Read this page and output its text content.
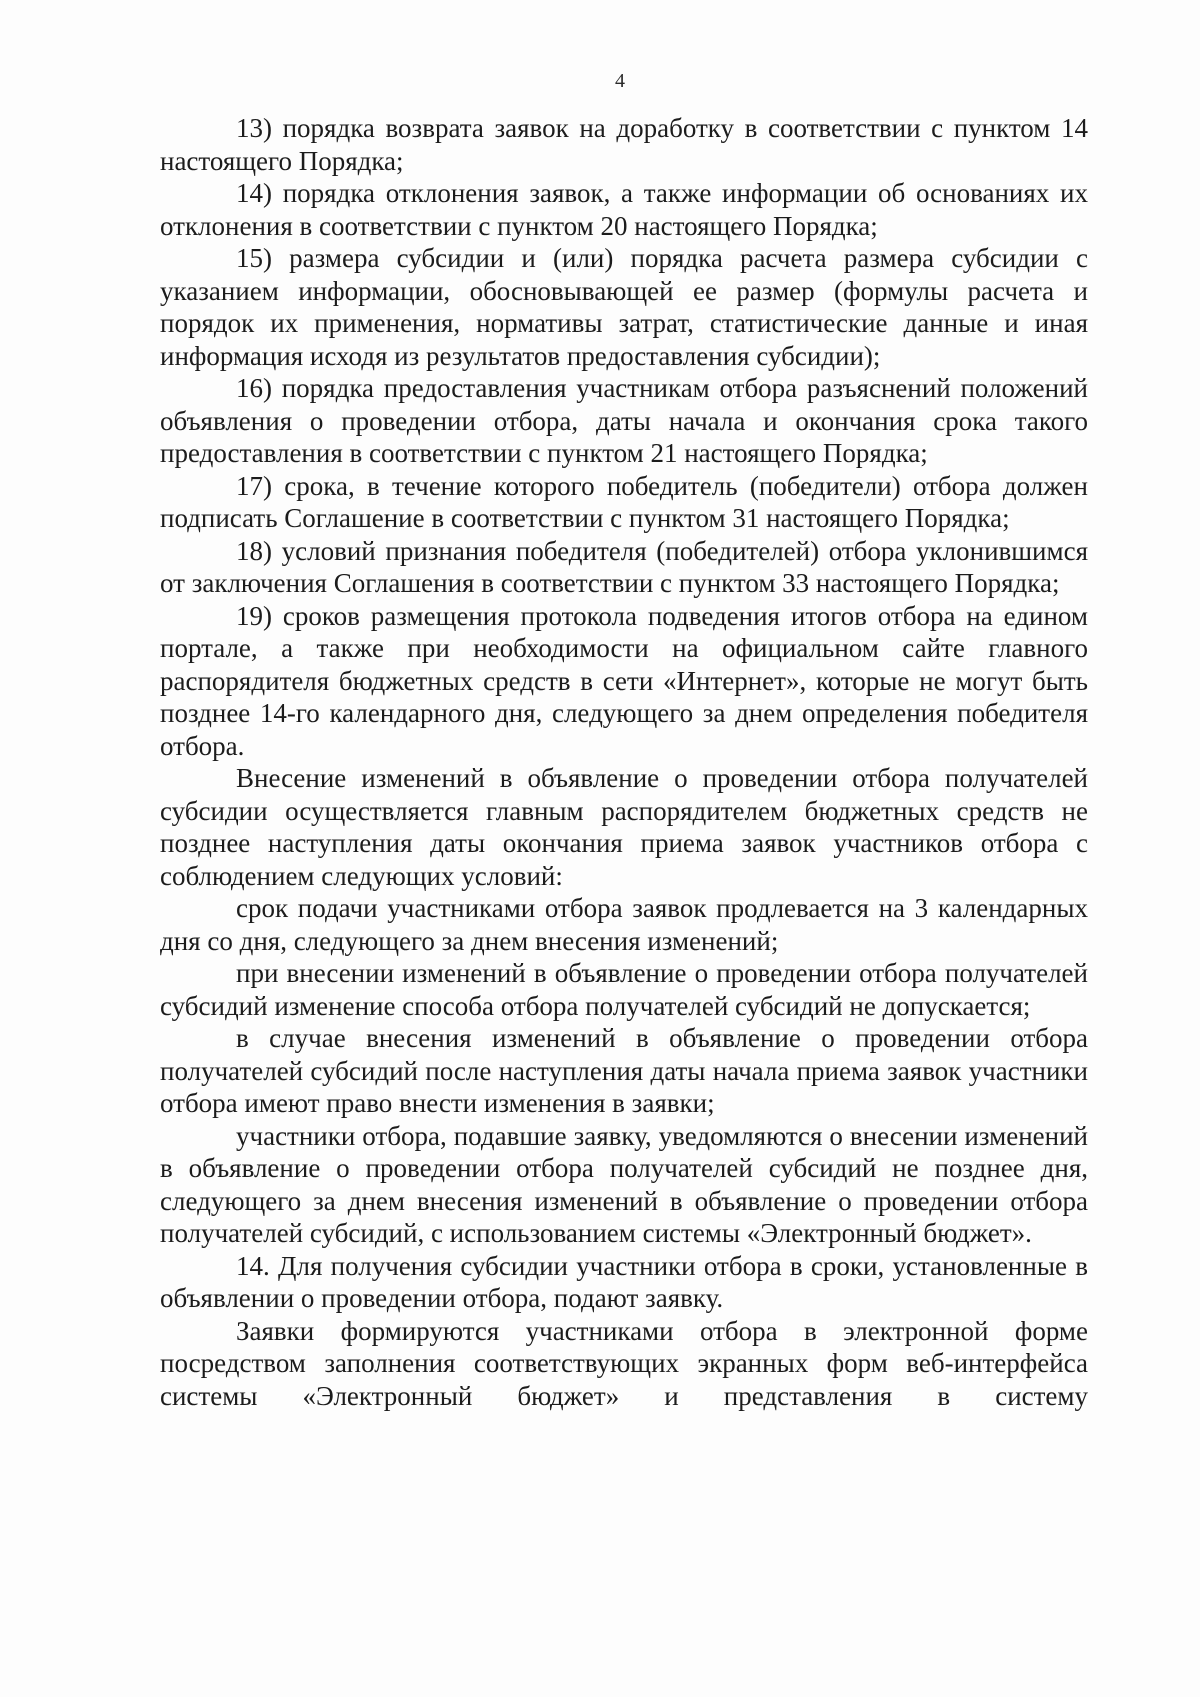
4

13) порядка возврата заявок на доработку в соответствии с пунктом 14 настоящего Порядка;

14) порядка отклонения заявок, а также информации об основаниях их отклонения в соответствии с пунктом 20 настоящего Порядка;

15) размера субсидии и (или) порядка расчета размера субсидии с указанием информации, обосновывающей ее размер (формулы расчета и порядок их применения, нормативы затрат, статистические данные и иная информация исходя из результатов предоставления субсидии);

16) порядка предоставления участникам отбора разъяснений положений объявления о проведении отбора, даты начала и окончания срока такого предоставления в соответствии с пунктом 21 настоящего Порядка;

17) срока, в течение которого победитель (победители) отбора должен подписать Соглашение в соответствии с пунктом 31 настоящего Порядка;

18) условий признания победителя (победителей) отбора уклонившимся от заключения Соглашения в соответствии с пунктом 33 настоящего Порядка;

19) сроков размещения протокола подведения итогов отбора на едином портале, а также при необходимости на официальном сайте главного распорядителя бюджетных средств в сети «Интернет», которые не могут быть позднее 14-го календарного дня, следующего за днем определения победителя отбора.

Внесение изменений в объявление о проведении отбора получателей субсидии осуществляется главным распорядителем бюджетных средств не позднее наступления даты окончания приема заявок участников отбора с соблюдением следующих условий:

срок подачи участниками отбора заявок продлевается на 3 календарных дня со дня, следующего за днем внесения изменений;

при внесении изменений в объявление о проведении отбора получателей субсидий изменение способа отбора получателей субсидий не допускается;

в случае внесения изменений в объявление о проведении отбора получателей субсидий после наступления даты начала приема заявок участники отбора имеют право внести изменения в заявки;

участники отбора, подавшие заявку, уведомляются о внесении изменений в объявление о проведении отбора получателей субсидий не позднее дня, следующего за днем внесения изменений в объявление о проведении отбора получателей субсидий, с использованием системы «Электронный бюджет».

14. Для получения субсидии участники отбора в сроки, установленные в объявлении о проведении отбора, подают заявку.

Заявки формируются участниками отбора в электронной форме посредством заполнения соответствующих экранных форм веб-интерфейса системы «Электронный бюджет» и представления в систему
